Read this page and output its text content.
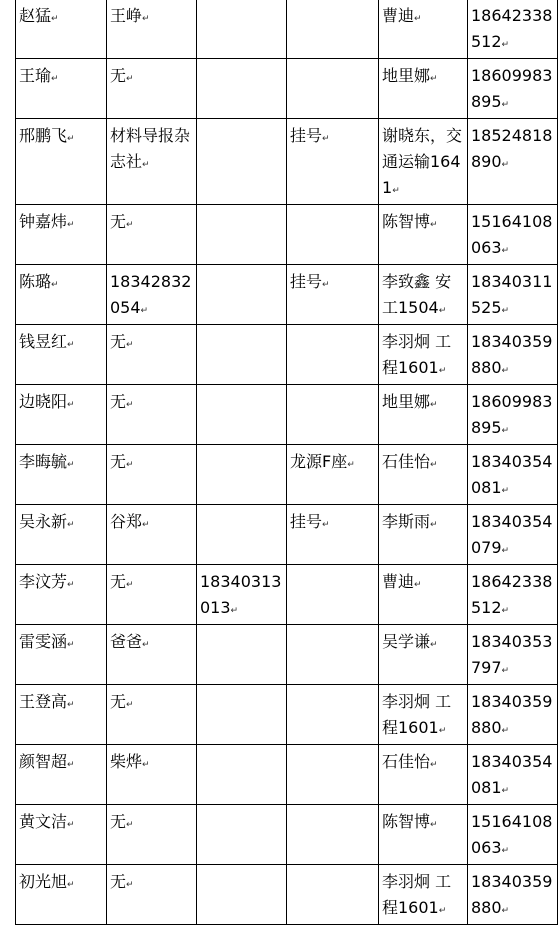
赵猛↵	王峥↵			曹迪↵	18642338512↵
王瑜↵	无↵			地里娜↵	18609983895↵
邢鹏飞↵	材料导报杂志社↵		挂号↵	谢晓东，交通运输1641↵	18524818890↵
钟嘉炜↵	无↵			陈智博↵	15164108063↵
陈璐↵	18342832054↵		挂号↵	李致鑫 安工1504↵	18340311525↵
钱昱红↵	无↵			李羽炯 工程1601↵	18340359880↵
边晓阳↵	无↵			地里娜↵	18609983895↵
李晦毓↵	无↵		龙源F座↵	石佳怡↵	18340354081↵
吴永新↵	谷郑↵		挂号↵	李斯雨↵	18340354079↵
李汶芳↵	无↵	18340313013↵		曹迪↵	18642338512↵
雷雯涵↵	爸爸↵			吴学谦↵	18340353797↵
王登高↵	无↵			李羽炯 工程1601↵	18340359880↵
颜智超↵	柴烨↵			石佳怡↵	18340354081↵
黄文洁↵	无↵			陈智博↵	15164108063↵
初光旭↵	无↵			李羽炯 工程1601↵	18340359880↵
